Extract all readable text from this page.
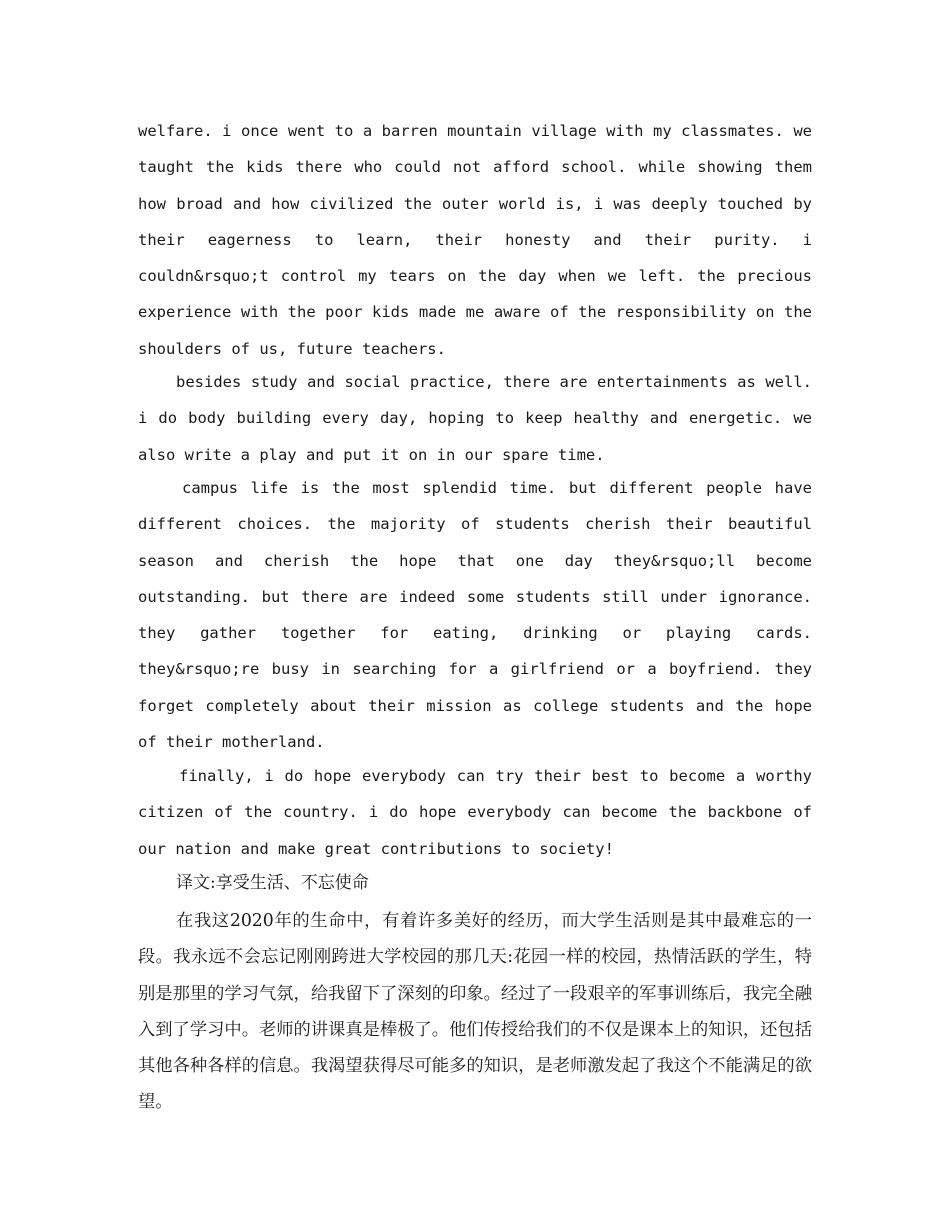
welfare. i once went to a barren mountain village with my classmates. we taught the kids there who could not afford school. while showing them how broad and how civilized the outer world is, i was deeply touched by their eagerness to learn, their honesty and their purity. i couldn&rsquo;t control my tears on the day when we left. the precious experience with the poor kids made me aware of the responsibility on the shoulders of us, future teachers.

besides study and social practice, there are entertainments as well. i do body building every day, hoping to keep healthy and energetic. we also write a play and put it on in our spare time.

campus life is the most splendid time. but different people have different choices. the majority of students cherish their beautiful season and cherish the hope that one day they&rsquo;ll become outstanding. but there are indeed some students still under ignorance. they gather together for eating, drinking or playing cards. they&rsquo;re busy in searching for a girlfriend or a boyfriend. they forget completely about their mission as college students and the hope of their motherland.

finally, i do hope everybody can try their best to become a worthy citizen of the country. i do hope everybody can become the backbone of our nation and make great contributions to society!

译文:享受生活、不忘使命

在我这2020年的生命中，有着许多美好的经历，而大学生活则是其中最难忘的一段。我永远不会忘记刚刚跨进大学校园的那几天:花园一样的校园，热情活跃的学生，特别是那里的学习气氛，给我留下了深刻的印象。经过了一段艰辛的军事训练后，我完全融入到了学习中。老师的讲课真是棒极了。他们传授给我们的不仅是课本上的知识，还包括其他各种各样的信息。我渴望获得尽可能多的知识，是老师激发起了我这个不能满足的欲望。
